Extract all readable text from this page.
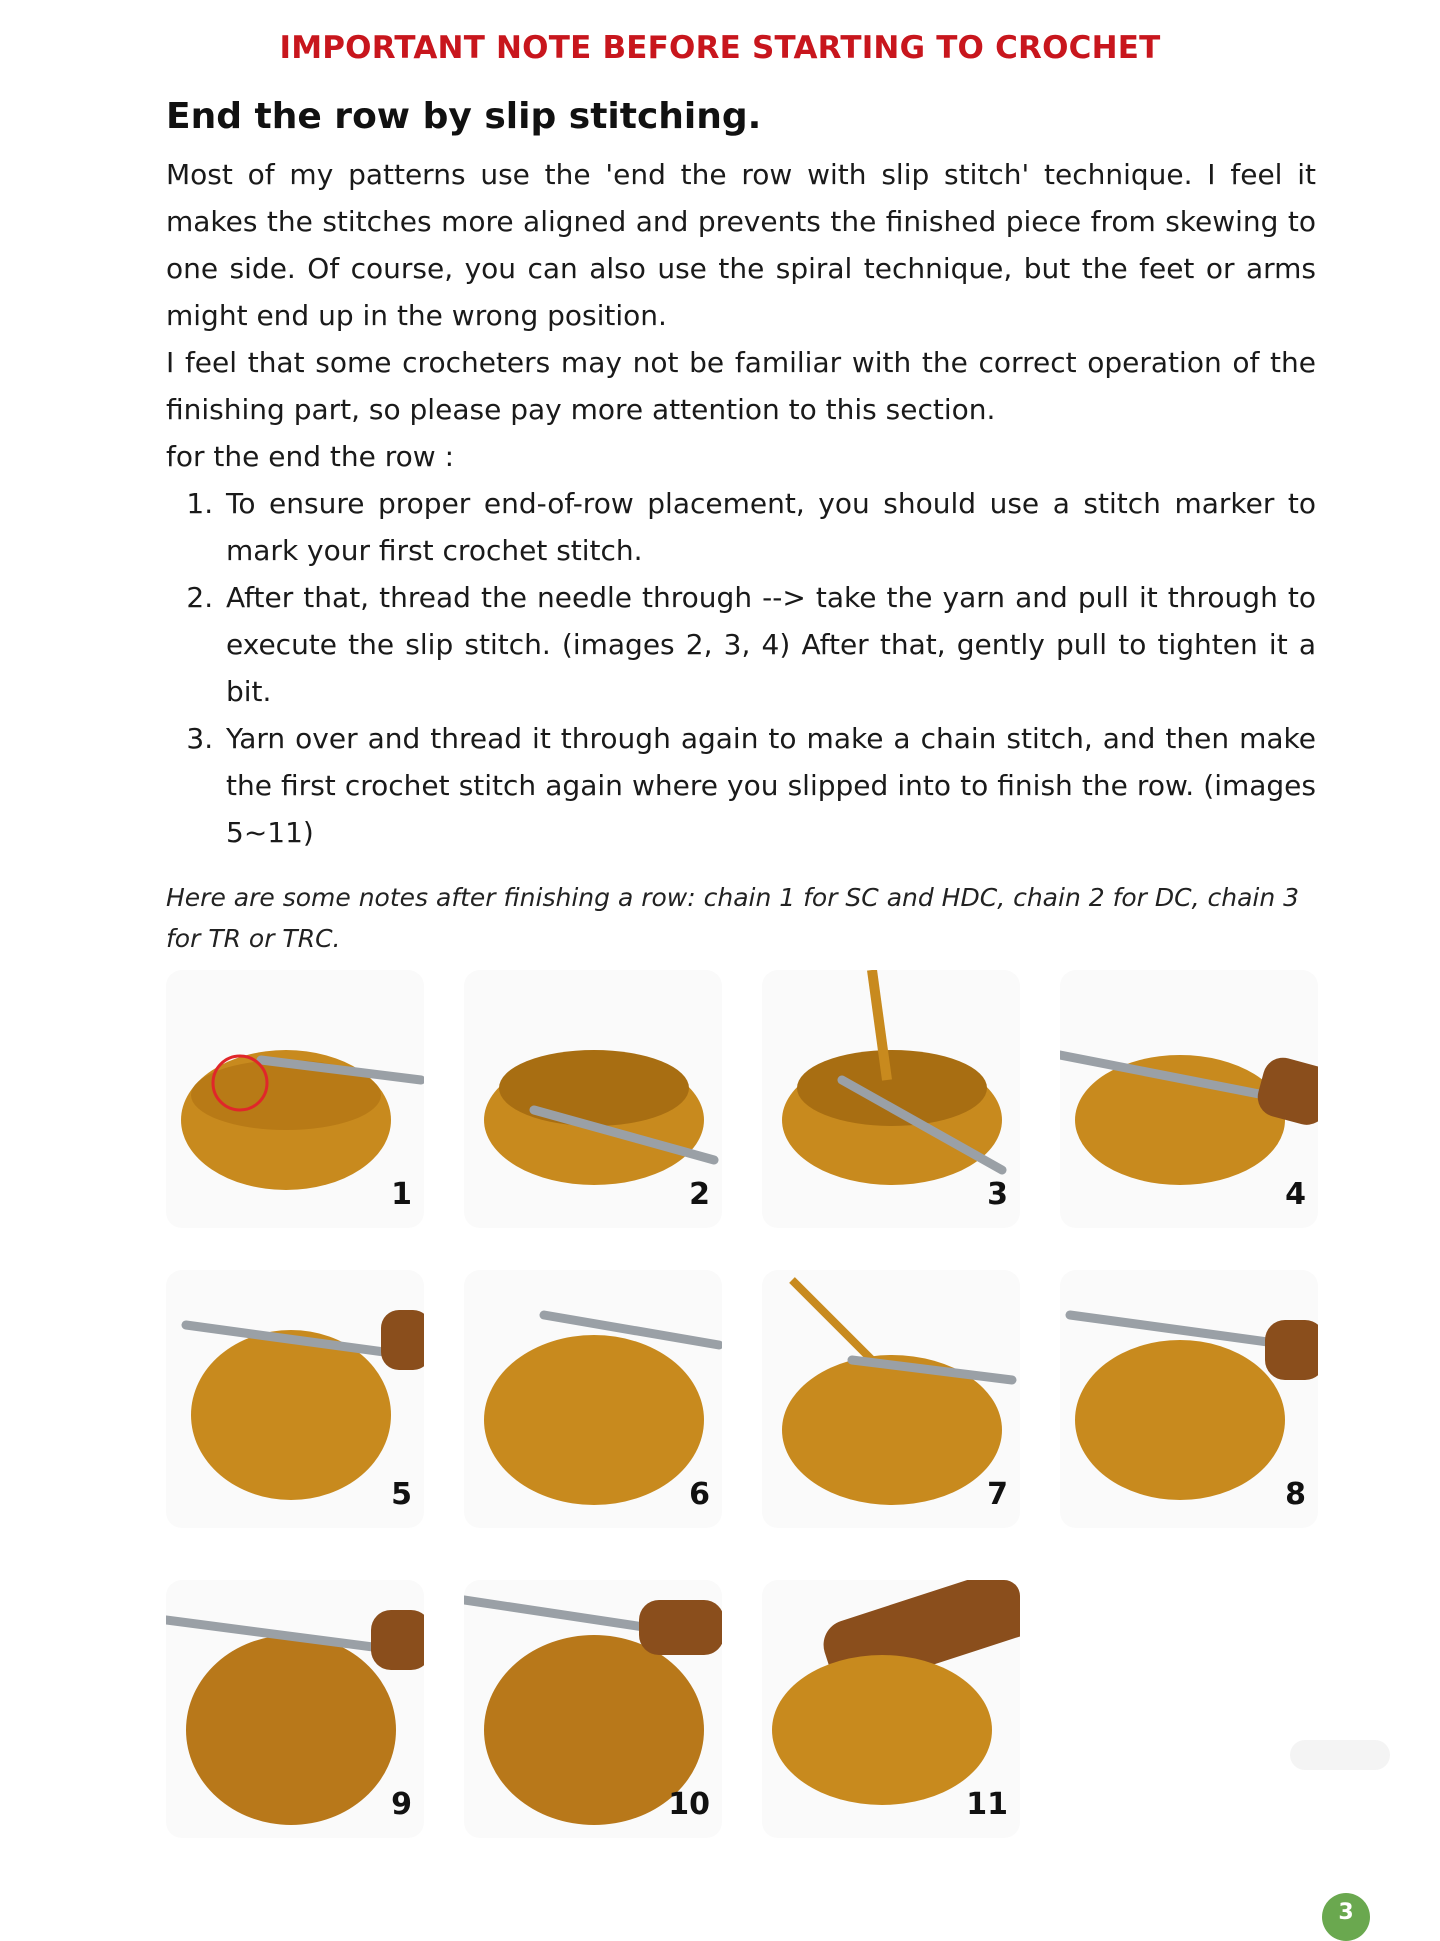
IMPORTANT NOTE BEFORE STARTING TO CROCHET
End the row by slip stitching.

Most of my patterns use the 'end the row with slip stitch' technique. I feel it makes the stitches more aligned and prevents the finished piece from skewing to one side. Of course, you can also use the spiral technique, but the feet or arms might end up in the wrong position.

I feel that some crocheters may not be familiar with the correct operation of the finishing part, so please pay more attention to this section.

for the end the row :

1. To ensure proper end-of-row placement, you should use a stitch marker to mark your first crochet stitch.
2. After that, thread the needle through --> take the yarn and pull it through to execute the slip stitch. (images 2, 3, 4) After that, gently pull to tighten it a bit.
3. Yarn over and thread it through again to make a chain stitch, and then make the first crochet stitch again where you slipped into to finish the row. (images 5~11)
Here are some notes after finishing a row: chain 1 for SC and HDC, chain 2 for DC, chain 3 for TR or TRC.
1	2	3	4
5	6	7	8
9	10	11
3
